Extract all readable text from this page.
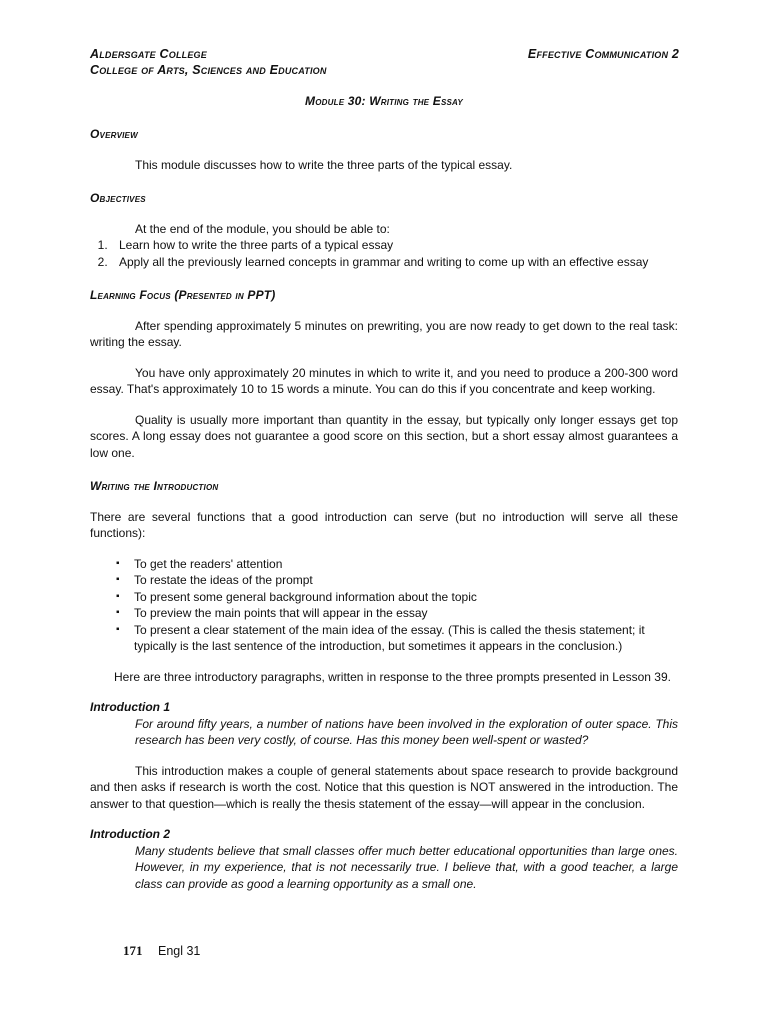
Aldersgate College
College of Arts, Sciences and Education
Effective Communication 2
Module 30: Writing the Essay

Overview

This module discusses how to write the three parts of the typical essay.

Objectives

At the end of the module, you should be able to:

1. Learn how to write the three parts of a typical essay
2. Apply all the previously learned concepts in grammar and writing to come up with an effective essay

Learning Focus (Presented in PPT)

After spending approximately 5 minutes on prewriting, you are now ready to get down to the real task: writing the essay.

You have only approximately 20 minutes in which to write it, and you need to produce a 200-300 word essay. That's approximately 10 to 15 words a minute. You can do this if you concentrate and keep working.

Quality is usually more important than quantity in the essay, but typically only longer essays get top scores. A long essay does not guarantee a good score on this section, but a short essay almost guarantees a low one.

Writing the Introduction

There are several functions that a good introduction can serve (but no introduction will serve all these functions):

▪ To get the readers' attention
▪ To restate the ideas of the prompt
▪ To present some general background information about the topic
▪ To preview the main points that will appear in the essay
▪ To present a clear statement of the main idea of the essay. (This is called the thesis statement; it typically is the last sentence of the introduction, but sometimes it appears in the conclusion.)

Here are three introductory paragraphs, written in response to the three prompts presented in Lesson 39.

Introduction 1

For around fifty years, a number of nations have been involved in the exploration of outer space. This research has been very costly, of course. Has this money been well-spent or wasted?

This introduction makes a couple of general statements about space research to provide background and then asks if research is worth the cost. Notice that this question is NOT answered in the introduction. The answer to that question—which is really the thesis statement of the essay—will appear in the conclusion.

Introduction 2

Many students believe that small classes offer much better educational opportunities than large ones. However, in my experience, that is not necessarily true. I believe that, with a good teacher, a large class can provide as good a learning opportunity as a small one.

171 Engl 31
